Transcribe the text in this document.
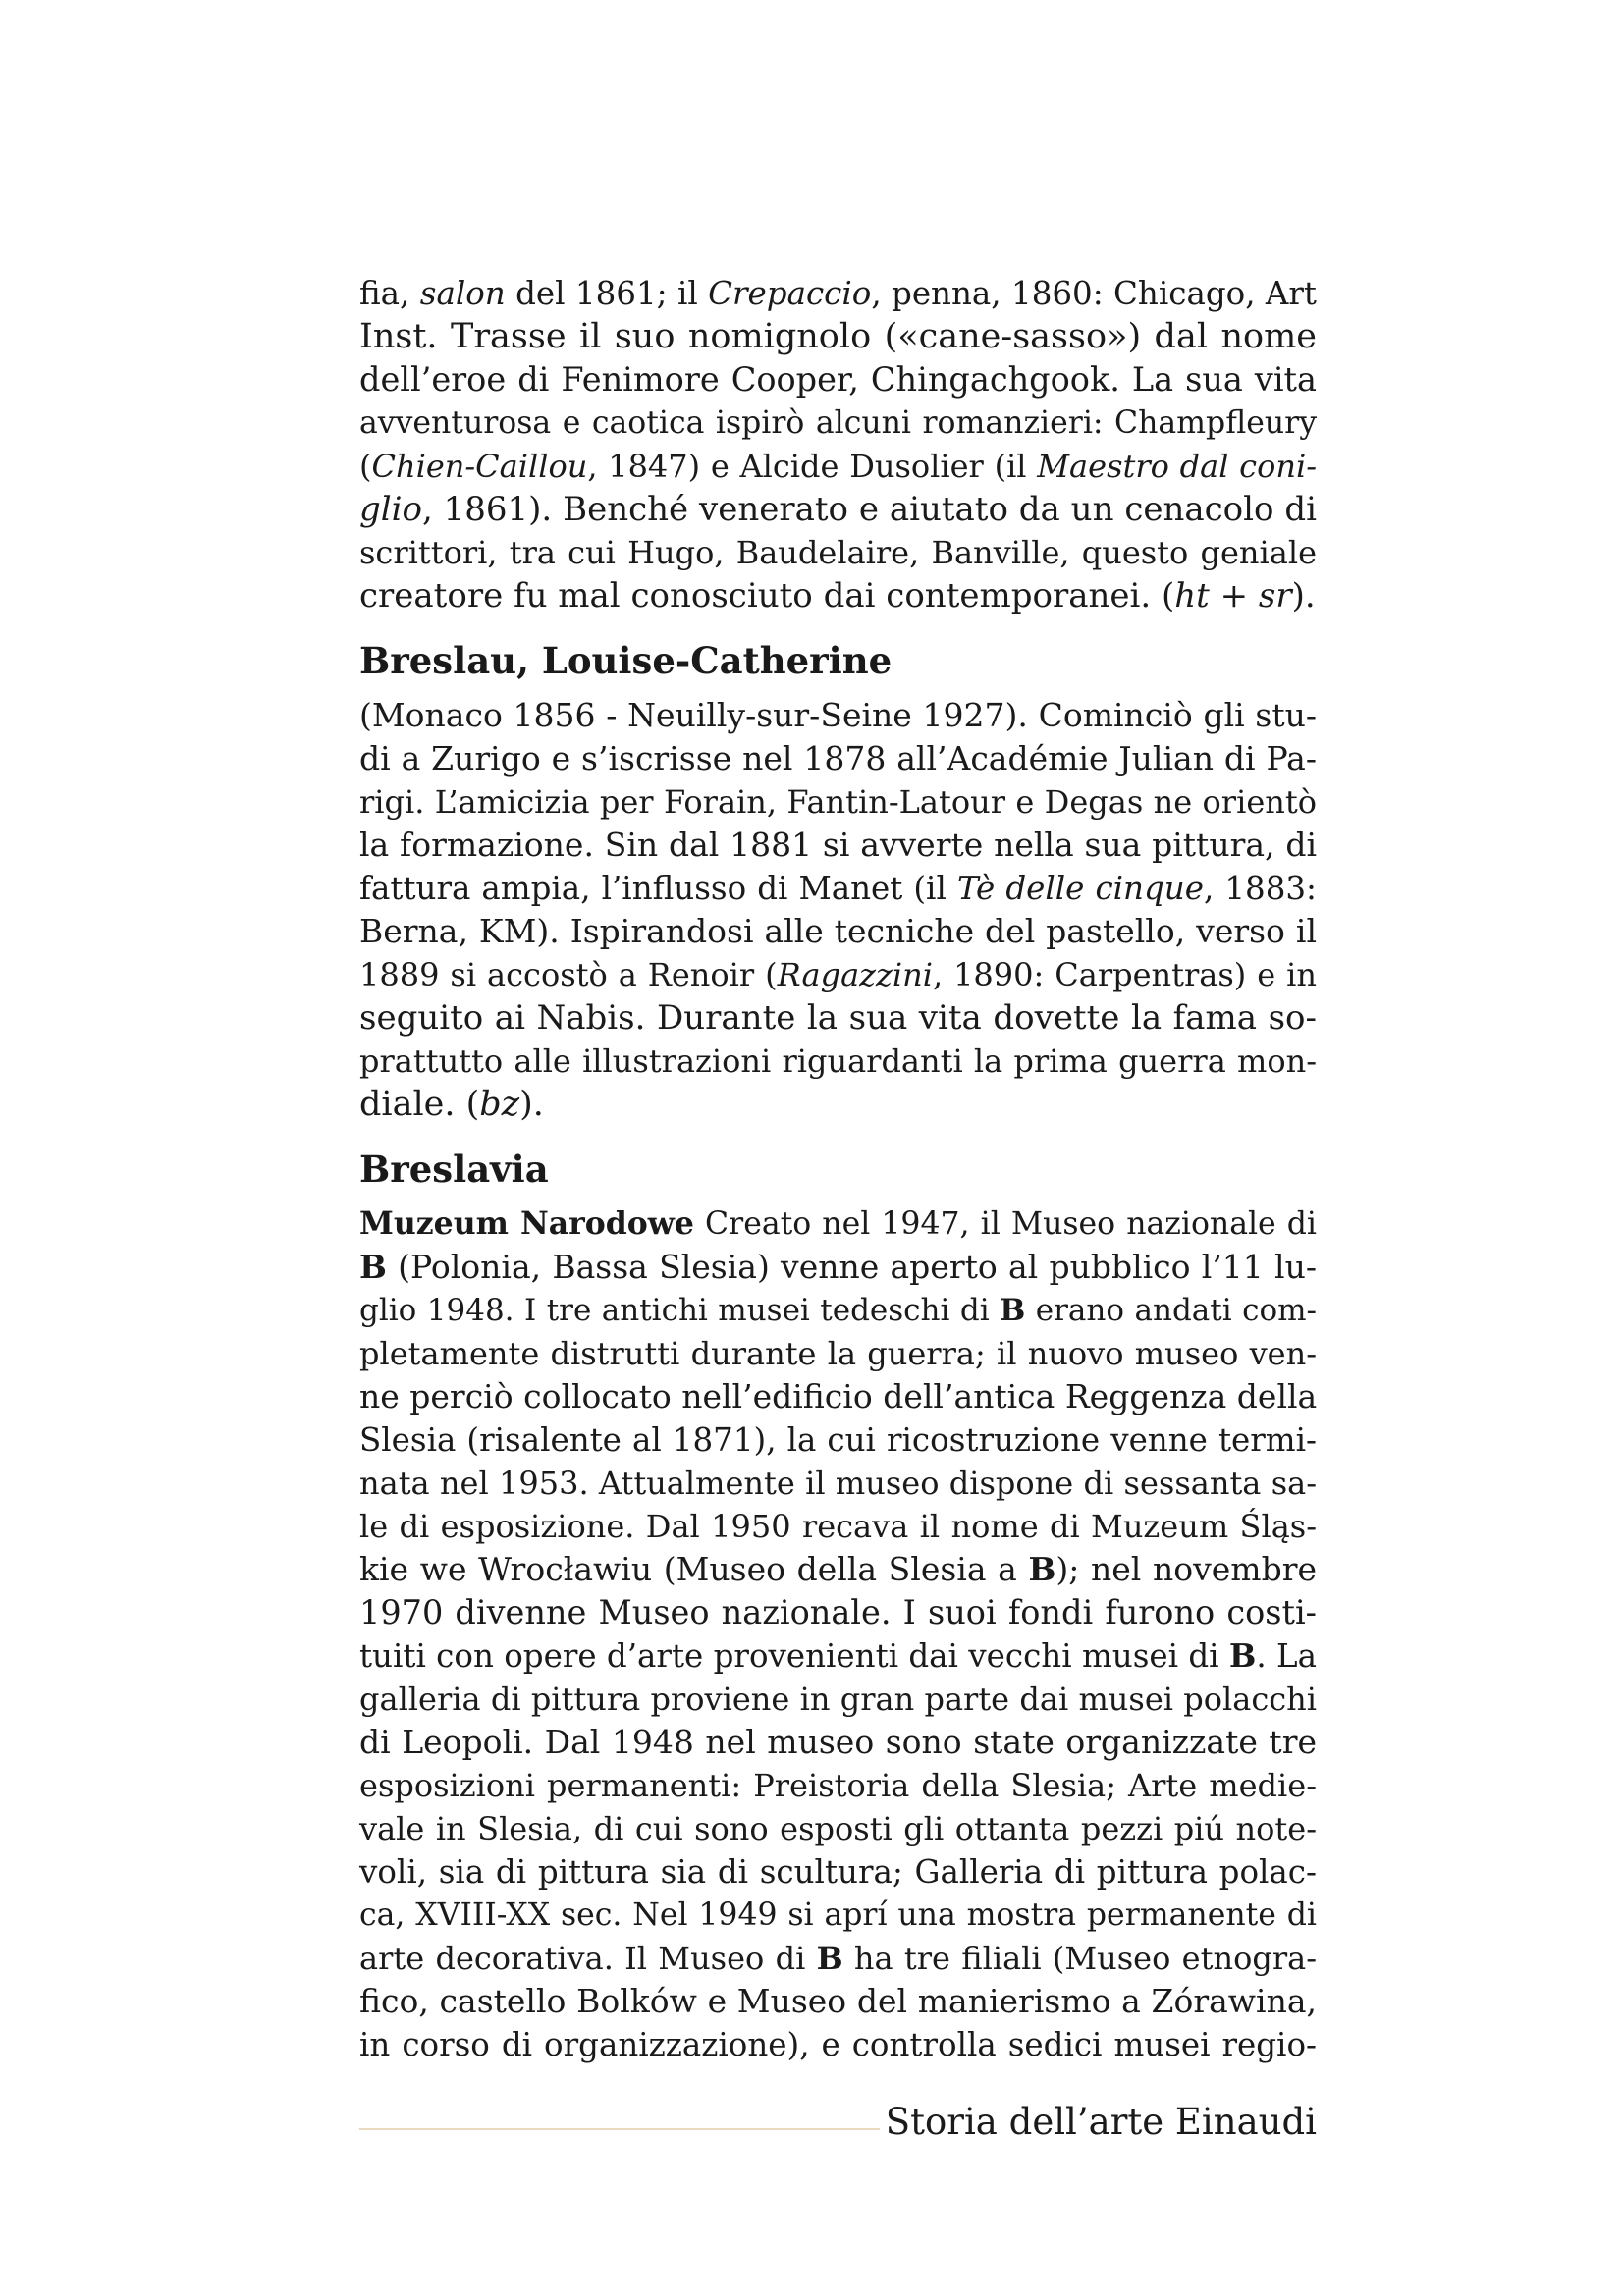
fia, salon del 1861; il Crepaccio, penna, 1860: Chicago, Art
Inst. Trasse il suo nomignolo («cane-sasso») dal nome
dell’eroe di Fenimore Cooper, Chingachgook. La sua vita
avventurosa e caotica ispirò alcuni romanzieri: Champfleury
(Chien-Caillou, 1847) e Alcide Dusolier (il Maestro dal coni-
glio, 1861). Benché venerato e aiutato da un cenacolo di
scrittori, tra cui Hugo, Baudelaire, Banville, questo geniale
creatore fu mal conosciuto dai contemporanei. (ht + sr).
Breslau, Louise-Catherine
(Monaco 1856 - Neuilly-sur-Seine 1927). Cominciò gli stu-
di a Zurigo e s’iscrisse nel 1878 all’Académie Julian di Pa-
rigi. L’amicizia per Forain, Fantin-Latour e Degas ne orientò
la formazione. Sin dal 1881 si avverte nella sua pittura, di
fattura ampia, l’influsso di Manet (il Tè delle cinque, 1883:
Berna, KM). Ispirandosi alle tecniche del pastello, verso il
1889 si accostò a Renoir (Ragazzini, 1890: Carpentras) e in
seguito ai Nabis. Durante la sua vita dovette la fama so-
prattutto alle illustrazioni riguardanti la prima guerra mon-
diale. (bz).
Breslavia
Muzeum Narodowe Creato nel 1947, il Museo nazionale di
B (Polonia, Bassa Slesia) venne aperto al pubblico l’11 lu-
glio 1948. I tre antichi musei tedeschi di B erano andati com-
pletamente distrutti durante la guerra; il nuovo museo ven-
ne perciò collocato nell’edificio dell’antica Reggenza della
Slesia (risalente al 1871), la cui ricostruzione venne termi-
nata nel 1953. Attualmente il museo dispone di sessanta sa-
le di esposizione. Dal 1950 recava il nome di Muzeum Śląs-
kie we Wrocławiu (Museo della Slesia a B); nel novembre
1970 divenne Museo nazionale. I suoi fondi furono costi-
tuiti con opere d’arte provenienti dai vecchi musei di B. La
galleria di pittura proviene in gran parte dai musei polacchi
di Leopoli. Dal 1948 nel museo sono state organizzate tre
esposizioni permanenti: Preistoria della Slesia; Arte medie-
vale in Slesia, di cui sono esposti gli ottanta pezzi piú note-
voli, sia di pittura sia di scultura; Galleria di pittura polac-
ca, XVIII-XX sec. Nel 1949 si aprí una mostra permanente di
arte decorativa. Il Museo di B ha tre filiali (Museo etnogra-
fico, castello Bolków e Museo del manierismo a Zórawina,
in corso di organizzazione), e controlla sedici musei regio-
Storia dell’arte Einaudi
